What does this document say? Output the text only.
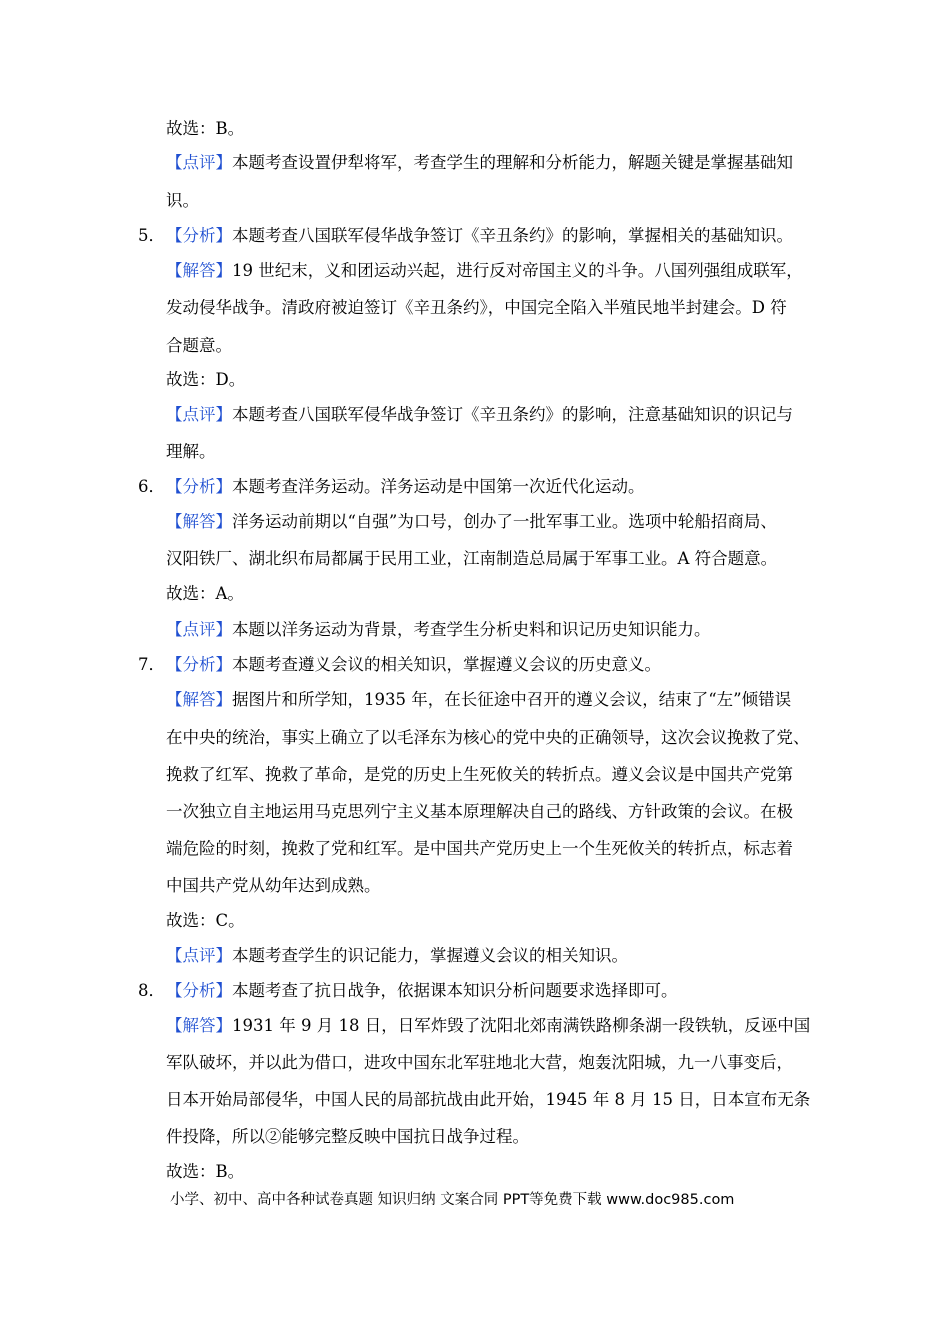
故选：B。
【点评】本题考查设置伊犁将军，考查学生的理解和分析能力，解题关键是掌握基础知
识。
5． 【分析】本题考查八国联军侵华战争签订《辛丑条约》的影响，掌握相关的基础知识。
【解答】19 世纪末，义和团运动兴起，进行反对帝国主义的斗争。八国列强组成联军，
发动侵华战争。清政府被迫签订《辛丑条约》，中国完全陷入半殖民地半封建会。D 符
合题意。
故选：D。
【点评】本题考查八国联军侵华战争签订《辛丑条约》的影响，注意基础知识的识记与
理解。
6． 【分析】本题考查洋务运动。洋务运动是中国第一次近代化运动。
【解答】洋务运动前期以“自强”为口号，创办了一批军事工业。选项中轮船招商局、
汉阳铁厂、湖北织布局都属于民用工业，江南制造总局属于军事工业。A 符合题意。
故选：A。
【点评】本题以洋务运动为背景，考查学生分析史料和识记历史知识能力。
7． 【分析】本题考查遵义会议的相关知识，掌握遵义会议的历史意义。
【解答】据图片和所学知，1935 年，在长征途中召开的遵义会议，结束了“左”倾错误
在中央的统治，事实上确立了以毛泽东为核心的党中央的正确领导，这次会议挽救了党、
挽救了红军、挽救了革命，是党的历史上生死攸关的转折点。遵义会议是中国共产党第
一次独立自主地运用马克思列宁主义基本原理解决自己的路线、方针政策的会议。在极
端危险的时刻，挽救了党和红军。是中国共产党历史上一个生死攸关的转折点，标志着
中国共产党从幼年达到成熟。
故选：C。
【点评】本题考查学生的识记能力，掌握遵义会议的相关知识。
8． 【分析】本题考查了抗日战争，依据课本知识分析问题要求选择即可。
【解答】1931 年 9 月 18 日，日军炸毁了沈阳北郊南满铁路柳条湖一段铁轨，反诬中国
军队破坏，并以此为借口，进攻中国东北军驻地北大营，炮轰沈阳城，九一八事变后，
日本开始局部侵华，中国人民的局部抗战由此开始，1945 年 8 月 15 日，日本宣布无条
件投降，所以②能够完整反映中国抗日战争过程。
故选：B。
小学、初中、高中各种试卷真题 知识归纳 文案合同 PPT等免费下载 www.doc985.com
